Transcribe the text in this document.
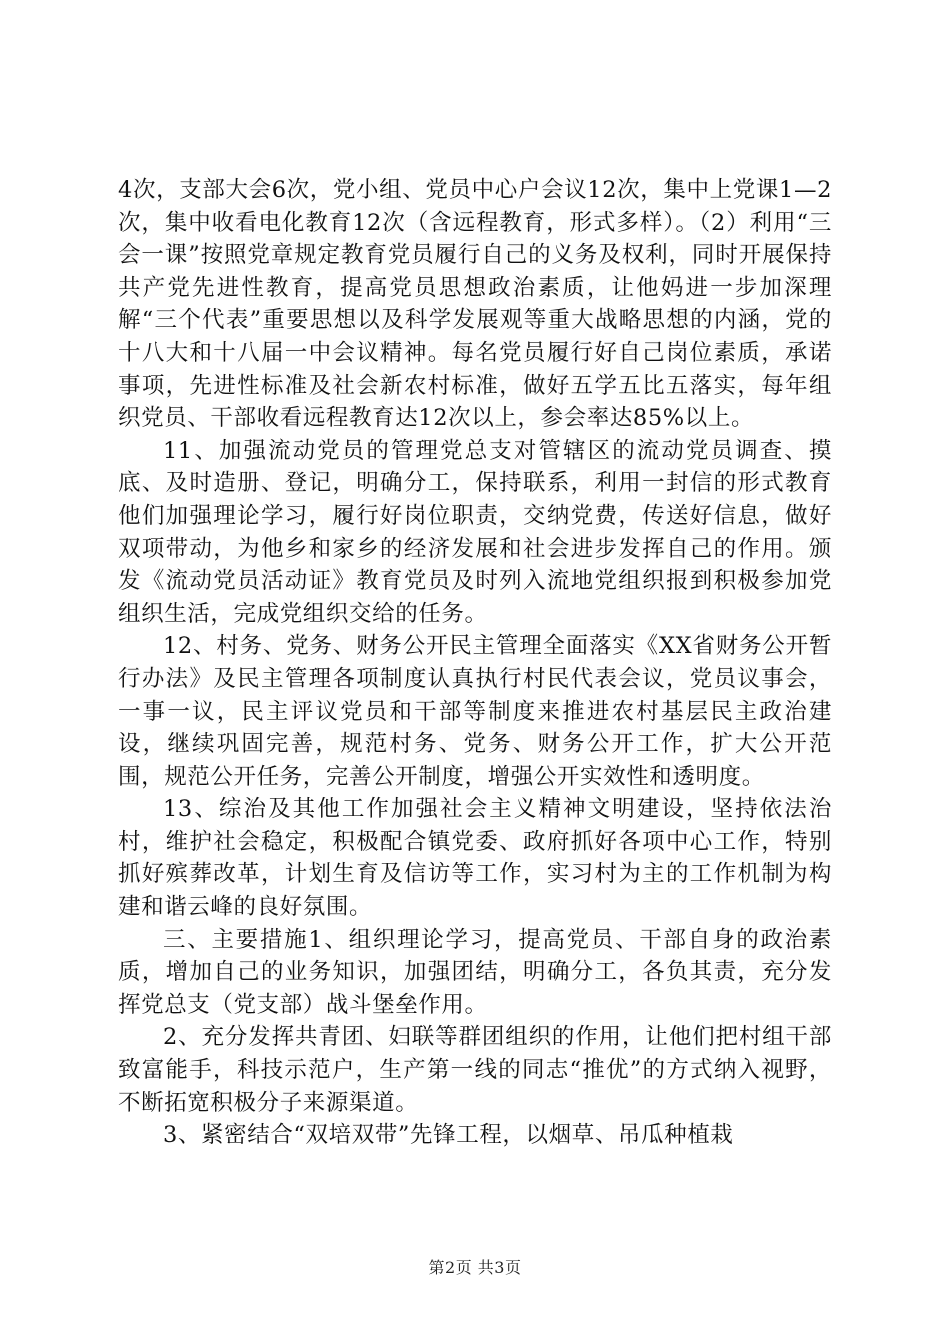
4次，支部大会6次，党小组、党员中心户会议12次，集中上党课1—2次，集中收看电化教育12次（含远程教育，形式多样）。（2）利用“三会一课”按照党章规定教育党员履行自己的义务及权利，同时开展保持共产党先进性教育，提高党员思想政治素质，让他妈进一步加深理解“三个代表”重要思想以及科学发展观等重大战略思想的内涵，党的十八大和十八届一中会议精神。每名党员履行好自己岗位素质，承诺事项，先进性标准及社会新农村标准，做好五学五比五落实，每年组织党员、干部收看远程教育达12次以上，参会率达85%以上。

11、加强流动党员的管理党总支对管辖区的流动党员调查、摸底、及时造册、登记，明确分工，保持联系，利用一封信的形式教育他们加强理论学习，履行好岗位职责，交纳党费，传送好信息，做好双项带动，为他乡和家乡的经济发展和社会进步发挥自己的作用。颁发《流动党员活动证》教育党员及时列入流地党组织报到积极参加党组织生活，完成党组织交给的任务。

12、村务、党务、财务公开民主管理全面落实《XX省财务公开暂行办法》及民主管理各项制度认真执行村民代表会议，党员议事会，一事一议，民主评议党员和干部等制度来推进农村基层民主政治建设，继续巩固完善，规范村务、党务、财务公开工作，扩大公开范围，规范公开任务，完善公开制度，增强公开实效性和透明度。

13、综治及其他工作加强社会主义精神文明建设，坚持依法治村，维护社会稳定，积极配合镇党委、政府抓好各项中心工作，特别抓好殡葬改革，计划生育及信访等工作，实习村为主的工作机制为构建和谐云峰的良好氛围。

三、主要措施1、组织理论学习，提高党员、干部自身的政治素质，增加自己的业务知识，加强团结，明确分工，各负其责，充分发挥党总支（党支部）战斗堡垒作用。

2、充分发挥共青团、妇联等群团组织的作用，让他们把村组干部致富能手，科技示范户，生产第一线的同志“推优”的方式纳入视野，不断拓宽积极分子来源渠道。

3、紧密结合“双培双带”先锋工程，以烟草、吊瓜种植栽

第2页 共3页
